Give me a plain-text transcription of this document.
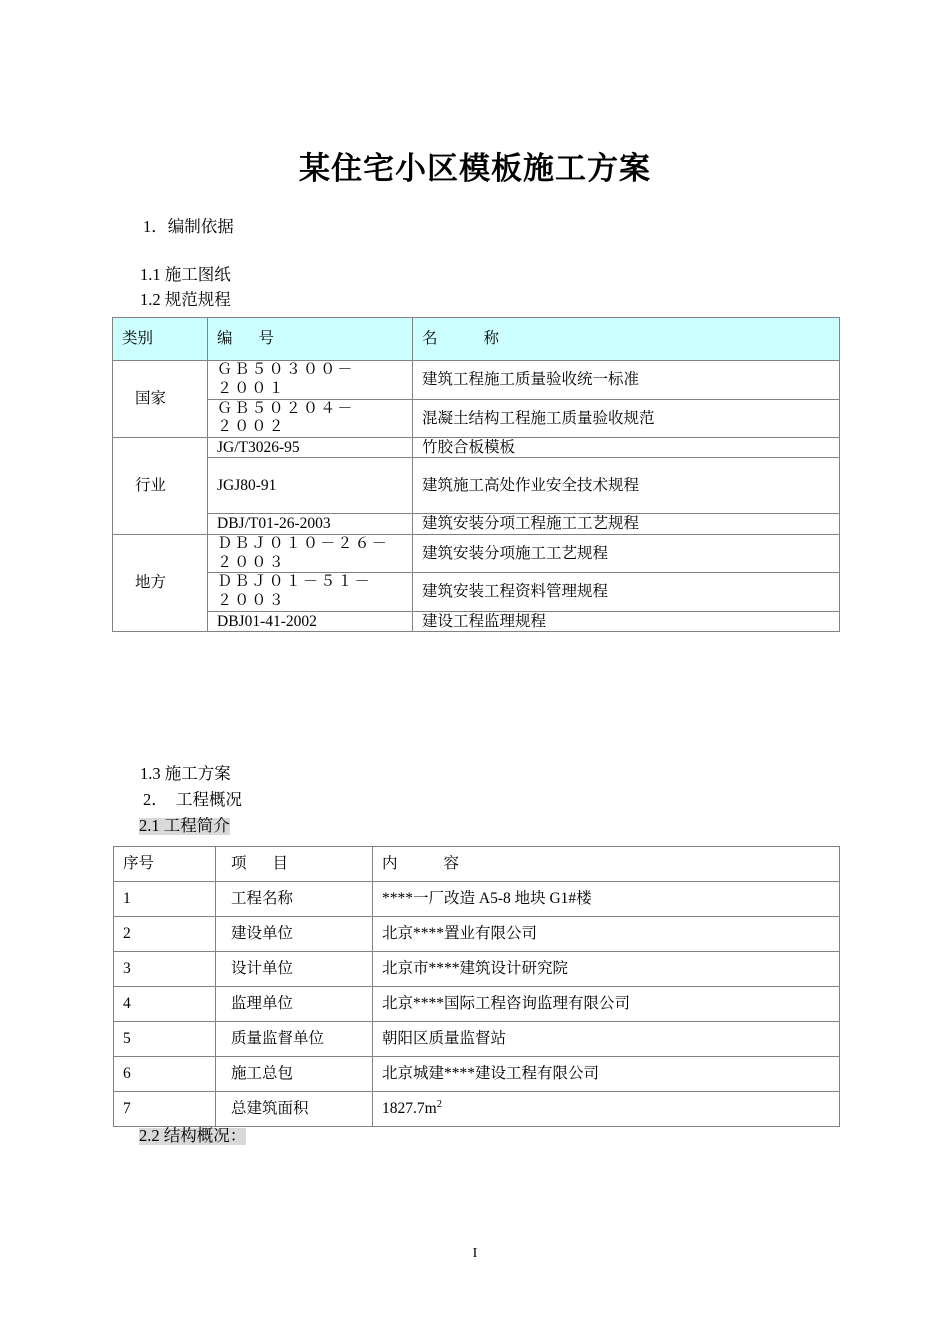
某住宅小区模板施工方案
1．编制依据
1.1 施工图纸
1.2 规范规程
类别	编 号	名 称
国家	ＧＢ５０３００－２００１	建筑工程施工质量验收统一标准
	ＧＢ５０２０４－２００２	混凝土结构工程施工质量验收规范
行业	JG/T3026-95	竹胶合板模板
	JGJ80-91	建筑施工高处作业安全技术规程
	DBJ/T01-26-2003	建筑安装分项工程施工工艺规程
地方	ＤＢＪ０１０－２６－２００３	建筑安装分项施工工艺规程
	ＤＢＪ０１－５１－２００３	建筑安装工程资料管理规程
	DBJ01-41-2002	建设工程监理规程
1.3 施工方案
2．  工程概况
2.1 工程简介
序号	项 目	内 容
1	工程名称	****一厂改造 A5-8 地块 G1#楼
2	建设单位	北京****置业有限公司
3	设计单位	北京市****建筑设计研究院
4	监理单位	北京****国际工程咨询监理有限公司
5	质量监督单位	朝阳区质量监督站
6	施工总包	北京城建****建设工程有限公司
7	总建筑面积	$1827.7m^2$
2.2 结构概况：
I
